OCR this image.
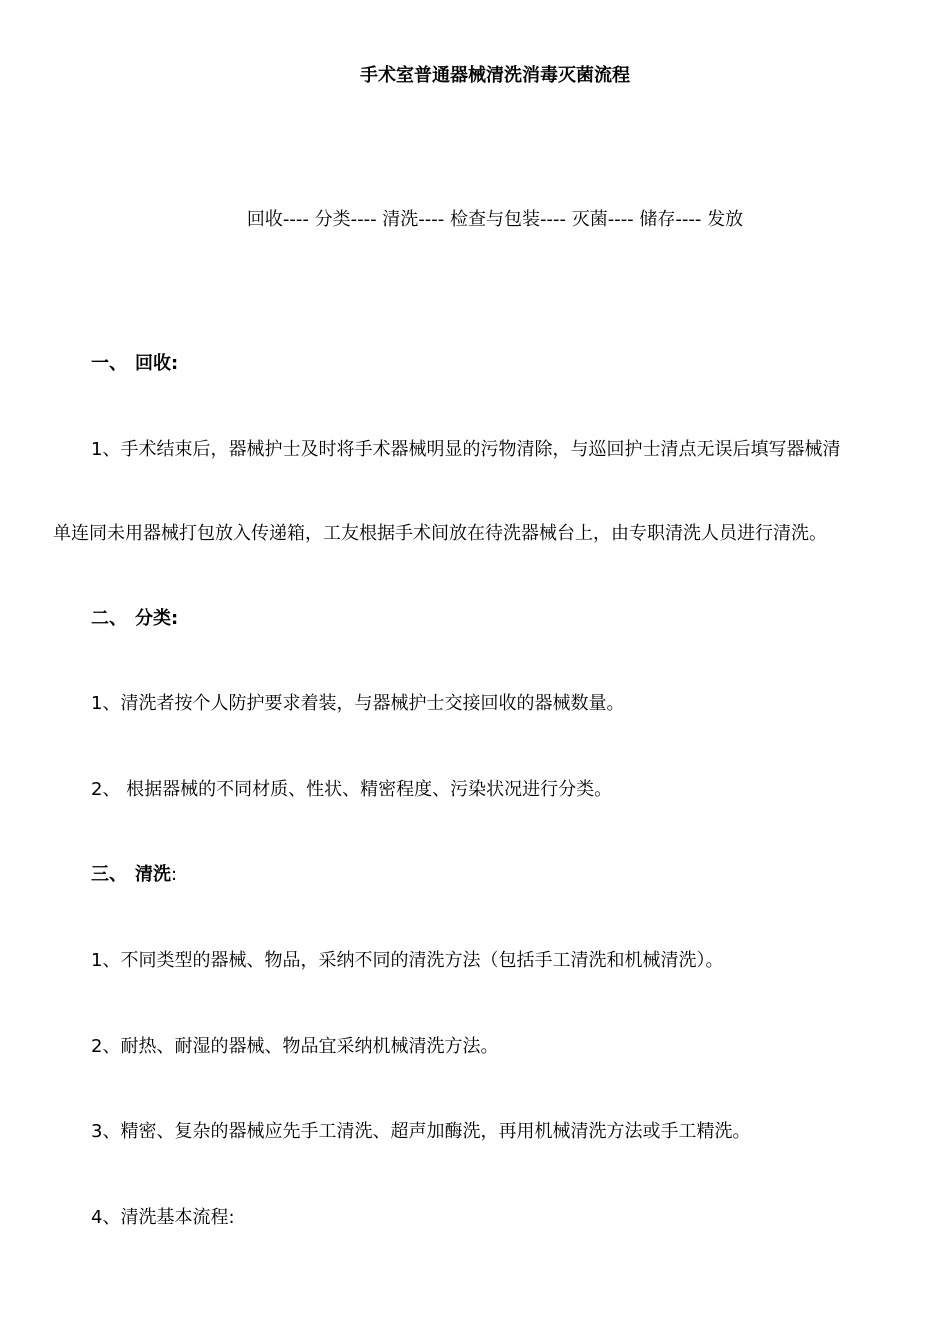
手术室普通器械清洗消毒灭菌流程
回收---- 分类---- 清洗---- 检查与包装---- 灭菌---- 储存---- 发放
一、 回收:
1、手术结束后，器械护士及时将手术器械明显的污物清除，与巡回护士清点无误后填写器械清
单连同未用器械打包放入传递箱，工友根据手术间放在待洗器械台上，由专职清洗人员进行清洗。
二、 分类:
1、清洗者按个人防护要求着装，与器械护士交接回收的器械数量。
2、 根据器械的不同材质、性状、精密程度、污染状况进行分类。
三、 清洗:
1、不同类型的器械、物品，采纳不同的清洗方法（包括手工清洗和机械清洗）。
2、耐热、耐湿的器械、物品宜采纳机械清洗方法。
3、精密、复杂的器械应先手工清洗、超声加酶洗，再用机械清洗方法或手工精洗。
4、清洗基本流程:
